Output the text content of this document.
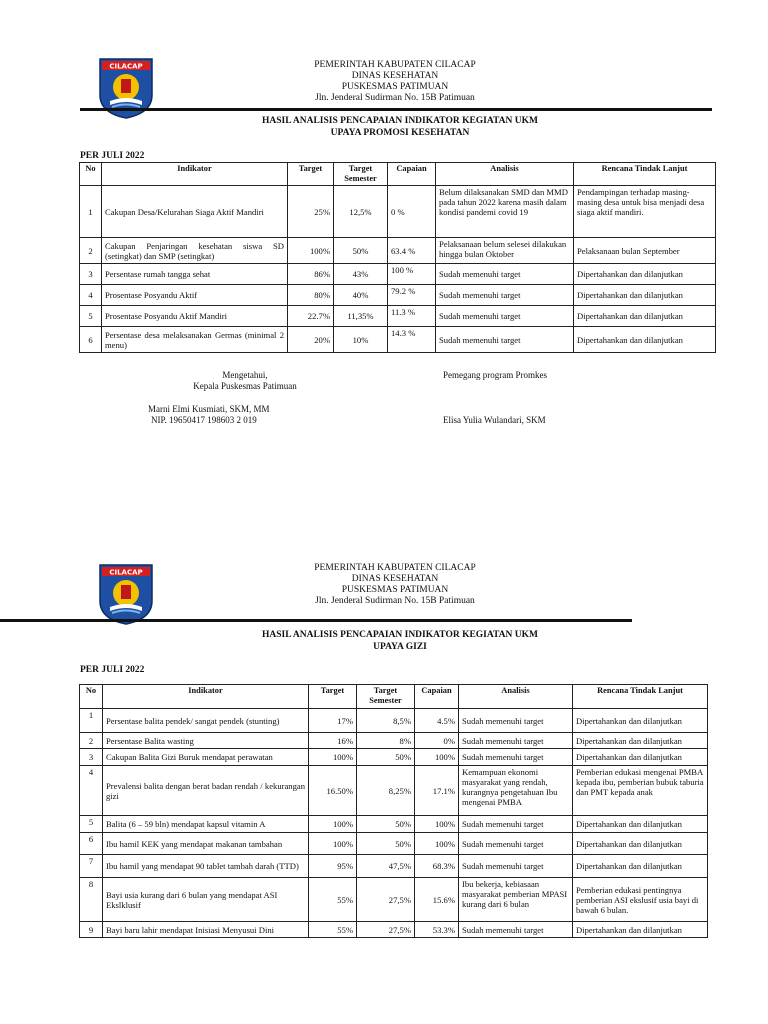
CILACAP	PEMERINTAH KABUPATEN CILACAP
DINAS KESEHATAN
PUSKESMAS PATIMUAN
Jln. Jenderal Sudirman No. 15B Patimuan
HASIL ANALISIS PENCAPAIAN INDIKATOR KEGIATAN UKM
UPAYA PROMOSI KESEHATAN
PER JULI 2022
No	Indikator	Target	Target Semester	Capaian	Analisis	Rencana Tindak Lanjut
1	Cakupan Desa/Kelurahan Siaga Aktif Mandiri	25%	12,5%	0 %	Belum dilaksanakan SMD dan MMD pada tahun 2022 karena masih dalam kondisi pandemi covid 19	Pendampingan terhadap masing-masing desa untuk bisa menjadi desa siaga aktif mandiri.
2	Cakupan Penjaringan kesehatan siswa SD (setingkat) dan SMP (setingkat)	100%	50%	63.4 %	Pelaksanaan belum selesei dilakukan hingga bulan Oktober	Pelaksanaan bulan September
3	Persentase rumah tangga sehat	86%	43%	100 %	Sudah memenuhi target	Dipertahankan dan dilanjutkan
4	Prosentase Posyandu Aktif	80%	40%	79.2 %	Sudah memenuhi target	Dipertahankan dan dilanjutkan
5	Prosentase Posyandu Aktif Mandiri	22.7%	11,35%	11.3 %	Sudah memenuhi target	Dipertahankan dan dilanjutkan
6	Persentase desa melaksanakan Germas (minimal 2 menu)	20%	10%	14.3 %	Sudah memenuhi target	Dipertahankan dan dilanjutkan
Mengetahui,
Kepala Puskesmas Patimuan
Marni Elmi Kusmiati, SKM, MM
NIP. 19650417 198603 2 019
Pemegang program Promkes
Elisa Yulia Wulandari, SKM
CILACAP	PEMERINTAH KABUPATEN CILACAP
DINAS KESEHATAN
PUSKESMAS PATIMUAN
Jln. Jenderal Sudirman No. 15B Patimuan
HASIL ANALISIS PENCAPAIAN INDIKATOR KEGIATAN UKM
UPAYA GIZI
PER JULI 2022
No	Indikator	Target	Target Semester	Capaian	Analisis	Rencana Tindak Lanjut
1	Persentase balita pendek/ sangat pendek (stunting)	17%	8,5%	4.5%	Sudah memenuhi target	Dipertahankan dan dilanjutkan
2	Persentase Balita wasting	16%	8%	0%	Sudah memenuhi target	Dipertahankan dan dilanjutkan
3	Cakupan Balita Gizi Buruk mendapat perawatan	100%	50%	100%	Sudah memenuhi target	Dipertahankan dan dilanjutkan
4	Prevalensi balita dengan berat badan rendah / kekurangan gizi	16.50%	8,25%	17.1%	Kemampuan ekonomi masyarakat yang rendah, kurangnya pengetahuan Ibu mengenai PMBA	Pemberian edukasi mengenai PMBA kepada ibu, pemberian bubuk taburia dan PMT kepada anak
5	Balita (6 – 59 bln) mendapat kapsul vitamin A	100%	50%	100%	Sudah memenuhi target	Dipertahankan dan dilanjutkan
6	Ibu hamil KEK yang mendapat makanan tambahan	100%	50%	100%	Sudah memenuhi target	Dipertahankan dan dilanjutkan
7	Ibu hamil yang mendapat 90 tablet tambah darah (TTD)	95%	47,5%	68.3%	Sudah memenuhi target	Dipertahankan dan dilanjutkan
8	Bayi usia kurang dari 6 bulan yang mendapat ASI Ekslklusif	55%	27,5%	15.6%	Ibu bekerja, kebiasaan masyarakat pemberian MPASI kurang dari 6 bulan	Pemberian edukasi pentingnya pemberian ASI ekslusif usia bayi di bawah 6 bulan.
9	Bayi baru lahir mendapat Inisiasi Menyusui Dini	55%	27,5%	53.3%	Sudah memenuhi target	Dipertahankan dan dilanjutkan
